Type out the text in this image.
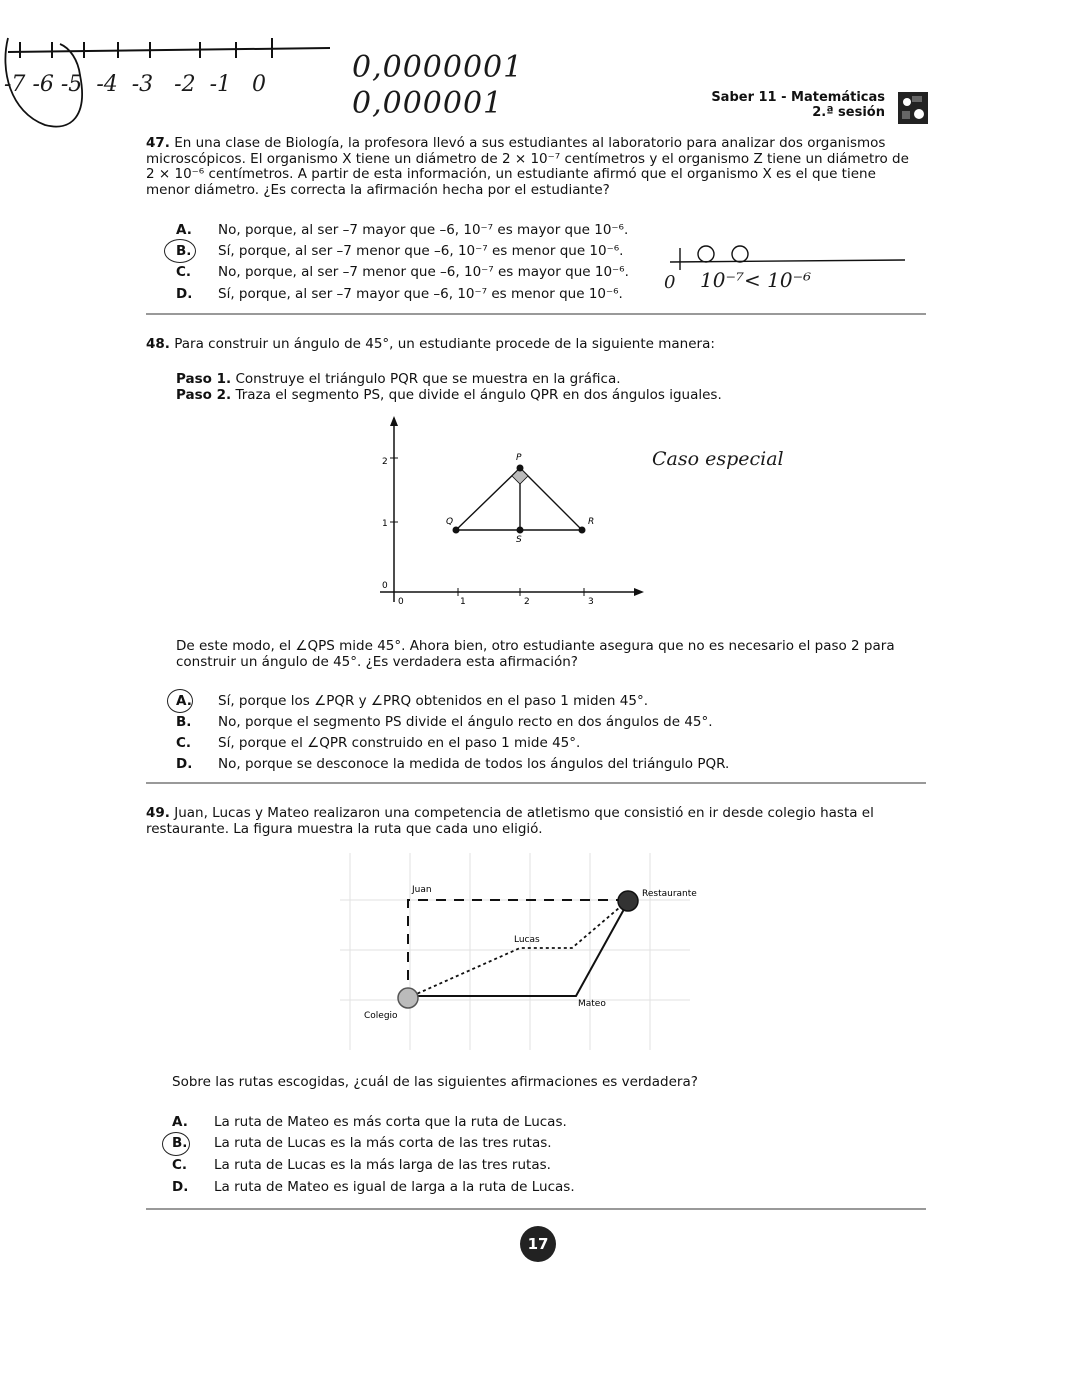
-7 -6 -5 -4 -3 -2 -1 0	0,0000001
0,000001	Saber 11 - Matemáticas
2.ª sesión
47. En una clase de Biología, la profesora llevó a sus estudiantes al laboratorio para analizar dos organismos microscópicos. El organismo X tiene un diámetro de 2 × 10⁻⁷ centímetros y el organismo Z tiene un diámetro de 2 × 10⁻⁶ centímetros. A partir de esta información, un estudiante afirmó que el organismo X es el que tiene menor diámetro. ¿Es correcta la afirmación hecha por el estudiante?
A. No, porque, al ser –7 mayor que –6, 10⁻⁷ es mayor que 10⁻⁶.
B. Sí, porque, al ser –7 menor que –6, 10⁻⁷ es menor que 10⁻⁶.
C. No, porque, al ser –7 menor que –6, 10⁻⁷ es mayor que 10⁻⁶.
D. Sí, porque, al ser –7 mayor que –6, 10⁻⁷ es menor que 10⁻⁶.
0 10⁻⁷< 10⁻⁶
48. Para construir un ángulo de 45°, un estudiante procede de la siguiente manera:
Paso 1. Construye el triángulo PQR que se muestra en la gráfica.
Paso 2. Traza el segmento PS, que divide el ángulo QPR en dos ángulos iguales.
2
1
0
0	1	2	3
P
Q	R
S
Caso especial
De este modo, el ∠QPS mide 45°. Ahora bien, otro estudiante asegura que no es necesario el paso 2 para construir un ángulo de 45°. ¿Es verdadera esta afirmación?
A. Sí, porque los ∠PQR y ∠PRQ obtenidos en el paso 1 miden 45°.
B. No, porque el segmento PS divide el ángulo recto en dos ángulos de 45°.
C. Sí, porque el ∠QPR construido en el paso 1 mide 45°.
D. No, porque se desconoce la medida de todos los ángulos del triángulo PQR.
49. Juan, Lucas y Mateo realizaron una competencia de atletismo que consistió en ir desde colegio hasta el restaurante. La figura muestra la ruta que cada uno eligió.
Juan
Lucas
Mateo
Colegio
Restaurante
Sobre las rutas escogidas, ¿cuál de las siguientes afirmaciones es verdadera?
A. La ruta de Mateo es más corta que la ruta de Lucas.
B. La ruta de Lucas es la más corta de las tres rutas.
C. La ruta de Lucas es la más larga de las tres rutas.
D. La ruta de Mateo es igual de larga a la ruta de Lucas.
17
